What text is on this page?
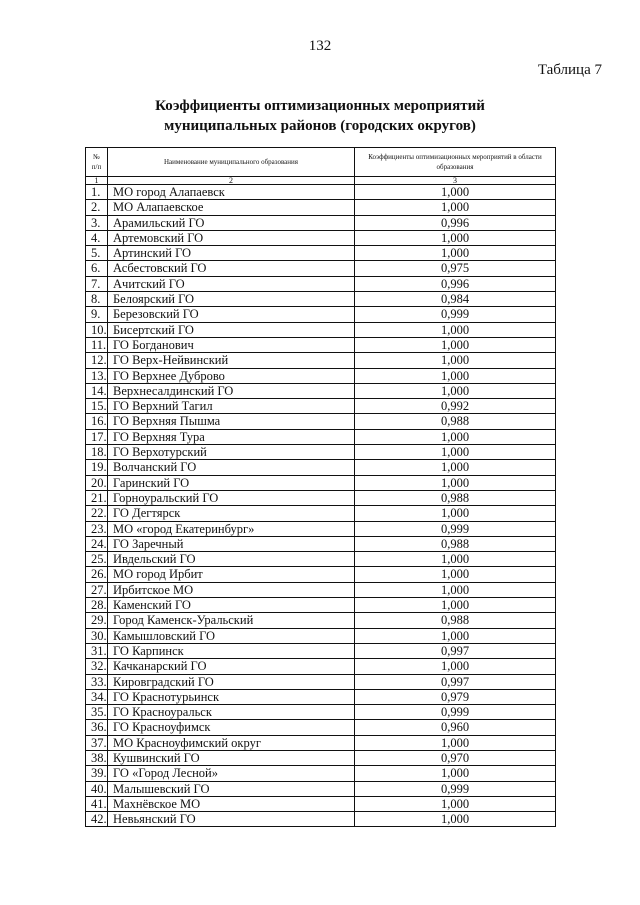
132
Таблица 7
Коэффициенты оптимизационных мероприятий
муниципальных районов (городских округов)
№ п/п	Наименование муниципального образования	Коэффициенты оптимизационных мероприятий в области образования
1	2	3
1.	МО город Алапаевск	1,000
2.	МО Алапаевское	1,000
3.	Арамильский ГО	0,996
4.	Артемовский ГО	1,000
5.	Артинский ГО	1,000
6.	Асбестовский ГО	0,975
7.	Ачитский ГО	0,996
8.	Белоярский ГО	0,984
9.	Березовский ГО	0,999
10.	Бисертский ГО	1,000
11.	ГО Богданович	1,000
12.	ГО Верх-Нейвинский	1,000
13.	ГО Верхнее Дуброво	1,000
14.	Верхнесалдинский ГО	1,000
15.	ГО Верхний Тагил	0,992
16.	ГО Верхняя Пышма	0,988
17.	ГО Верхняя Тура	1,000
18.	ГО Верхотурский	1,000
19.	Волчанский ГО	1,000
20.	Гаринский ГО	1,000
21.	Горноуральский ГО	0,988
22.	ГО Дегтярск	1,000
23.	МО «город Екатеринбург»	0,999
24.	ГО Заречный	0,988
25.	Ивдельский ГО	1,000
26.	МО город Ирбит	1,000
27.	Ирбитское МО	1,000
28.	Каменский ГО	1,000
29.	Город Каменск-Уральский	0,988
30.	Камышловский ГО	1,000
31.	ГО Карпинск	0,997
32.	Качканарский ГО	1,000
33.	Кировградский ГО	0,997
34.	ГО Краснотурьинск	0,979
35.	ГО Красноуральск	0,999
36.	ГО Красноуфимск	0,960
37.	МО Красноуфимский округ	1,000
38.	Кушвинский ГО	0,970
39.	ГО «Город Лесной»	1,000
40.	Малышевский ГО	0,999
41.	Махнёвское МО	1,000
42.	Невьянский ГО	1,000
